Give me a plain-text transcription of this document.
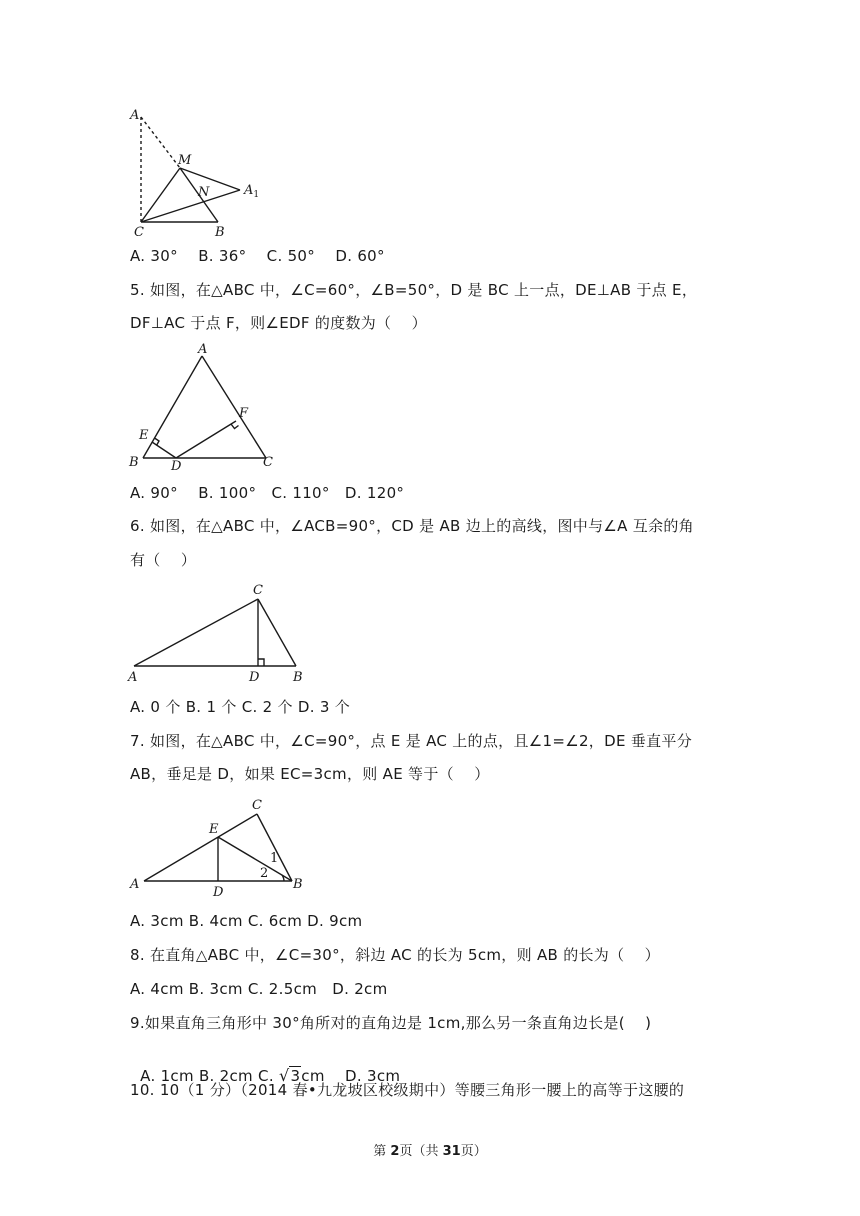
A
M
N	$A_1$
C	B
A. 30°    B. 36°    C. 50°    D. 60°
5. 如图，在△ABC 中，∠C=60°，∠B=50°，D 是 BC 上一点，DE⊥AB 于点 E，
DF⊥AC 于点 F，则∠EDF 的度数为（    ）
A
E
F
B D	C
A. 90°    B. 100°   C. 110°   D. 120°
6. 如图，在△ABC 中，∠ACB=90°，CD 是 AB 边上的高线，图中与∠A 互余的角
有（    ）
C
A	D	B
A. 0 个 B. 1 个 C. 2 个 D. 3 个
7. 如图，在△ABC 中，∠C=90°，点 E 是 AC 上的点，且∠1=∠2，DE 垂直平分
AB，垂足是 D，如果 EC=3cm，则 AE 等于（    ）
C
E
1
2
A
D
B
A. 3cm B. 4cm C. 6cm D. 9cm
8. 在直角△ABC 中，∠C=30°，斜边 AC 的长为 5cm，则 AB 的长为（    ）
A. 4cm B. 3cm C. 2.5cm   D. 2cm
9.如果直角三角形中 30°角所对的直角边是 1cm,那么另一条直角边长是(    )

A. 1cm B. 2cm C. √3cm    D. 3cm

10. 10（1 分）（2014 春•九龙坡区校级期中）等腰三角形一腰上的高等于这腰的
第 2页（共 31页）
